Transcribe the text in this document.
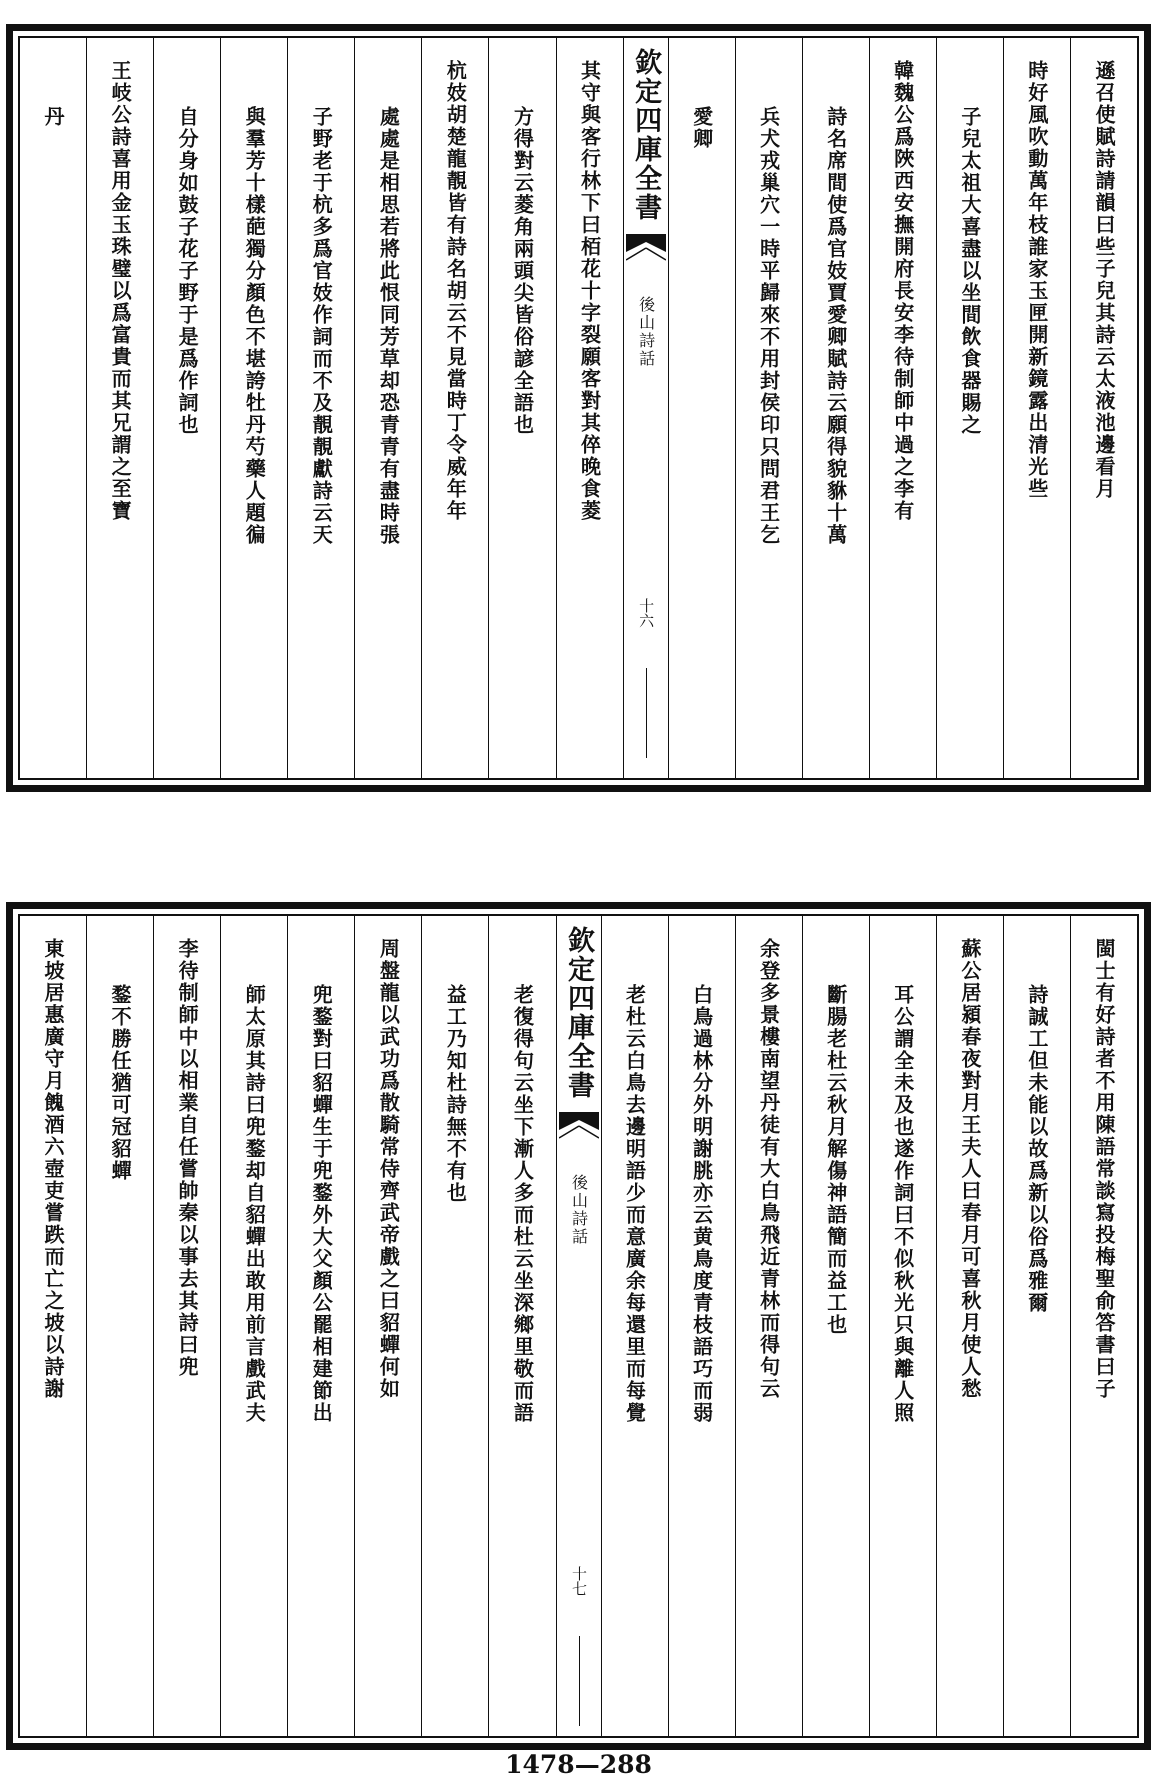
遜召使賦詩請韻曰些子兒其詩云太液池邊看月
時好風吹動萬年枝誰家玉匣開新鏡露出清光些
子兒太祖大喜盡以坐間飲食器賜之
韓魏公爲陜西安撫開府長安李待制師中過之李有
詩名席間使爲官妓賈愛卿賦詩云願得貌貅十萬
兵犬戎巢穴一時平歸來不用封侯印只問君王乞
愛卿
欽定四庫全書
後山詩話
十六
其守與客行林下曰栢花十字裂願客對其倅晚食菱
方得對云菱角兩頭尖皆俗諺全語也
杭妓胡楚龍靚皆有詩名胡云不見當時丁令威年年
處處是相思若將此恨同芳草却恐青青有盡時張
子野老于杭多爲官妓作詞而不及靚靚獻詩云天
與羣芳十樣葩獨分顏色不堪誇牡丹芍藥人題徧
自分身如鼓子花子野于是爲作詞也
王岐公詩喜用金玉珠璧以爲富貴而其兄謂之至寶
丹
閩士有好詩者不用陳語常談寫投梅聖俞答書曰子
詩誠工但未能以故爲新以俗爲雅爾
蘇公居潁春夜對月王夫人曰春月可喜秋月使人愁
耳公謂全未及也遂作詞曰不似秋光只與離人照
斷腸老杜云秋月解傷神語簡而益工也
余登多景樓南望丹徒有大白鳥飛近青林而得句云
白鳥過林分外明謝朓亦云黄鳥度青枝語巧而弱
老杜云白鳥去邊明語少而意廣余每還里而每覺
欽定四庫全書
後山詩話
十七
老復得句云坐下漸人多而杜云坐深鄉里敬而語
益工乃知杜詩無不有也
周盤龍以武功爲散騎常侍齊武帝戲之曰貂蟬何如
兜鍪對曰貂蟬生于兜鍪外大父顏公罷相建節出
師太原其詩曰兜鍪却自貂蟬出敢用前言戲武夫
李待制師中以相業自任嘗帥秦以事去其詩曰兜
鍪不勝任猶可冠貂蟬
東坡居惠廣守月餽酒六壺吏嘗跌而亡之坡以詩謝
1478—288
